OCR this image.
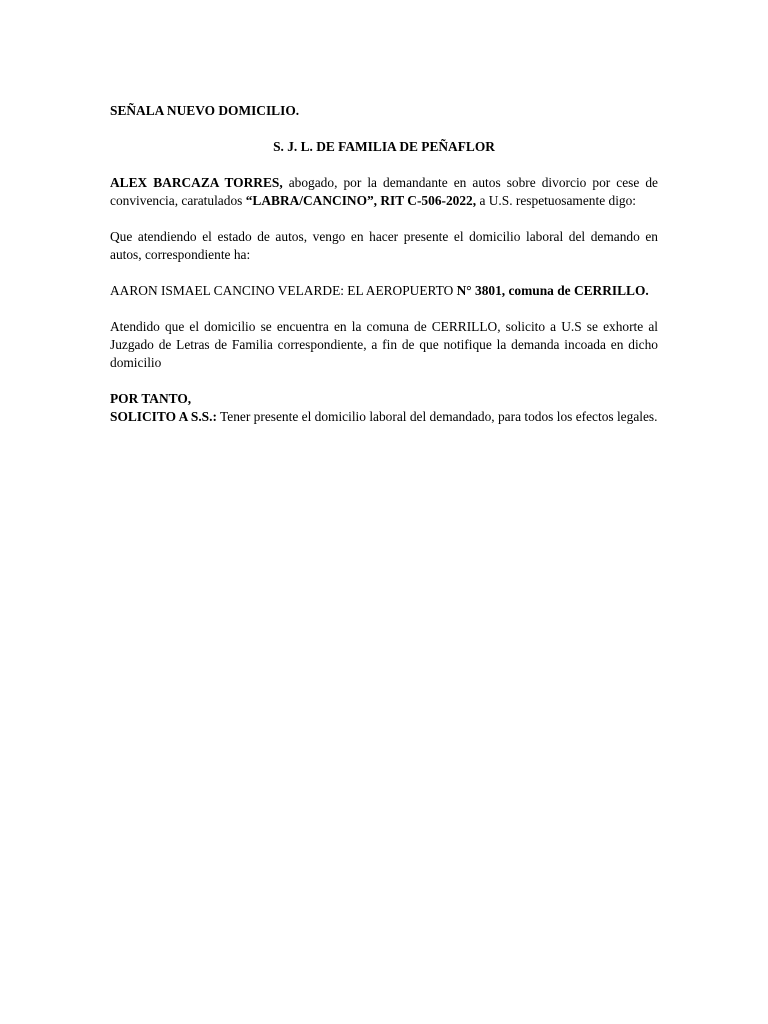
SEÑALA NUEVO DOMICILIO.

S. J. L. DE FAMILIA DE PEÑAFLOR

ALEX BARCAZA TORRES, abogado, por la demandante en autos sobre divorcio por cese de convivencia, caratulados “LABRA/CANCINO”, RIT C-506-2022, a U.S. respetuosamente digo:

Que atendiendo el estado de autos, vengo en hacer presente el domicilio laboral del demando en autos, correspondiente ha:

AARON ISMAEL CANCINO VELARDE: EL AEROPUERTO N° 3801, comuna de CERRILLO.

Atendido que el domicilio se encuentra en la comuna de CERRILLO, solicito a U.S se exhorte al Juzgado de Letras de Familia correspondiente, a fin de que notifique la demanda incoada en dicho domicilio

POR TANTO,

SOLICITO A S.S.: Tener presente el domicilio laboral del demandado, para todos los efectos legales.
